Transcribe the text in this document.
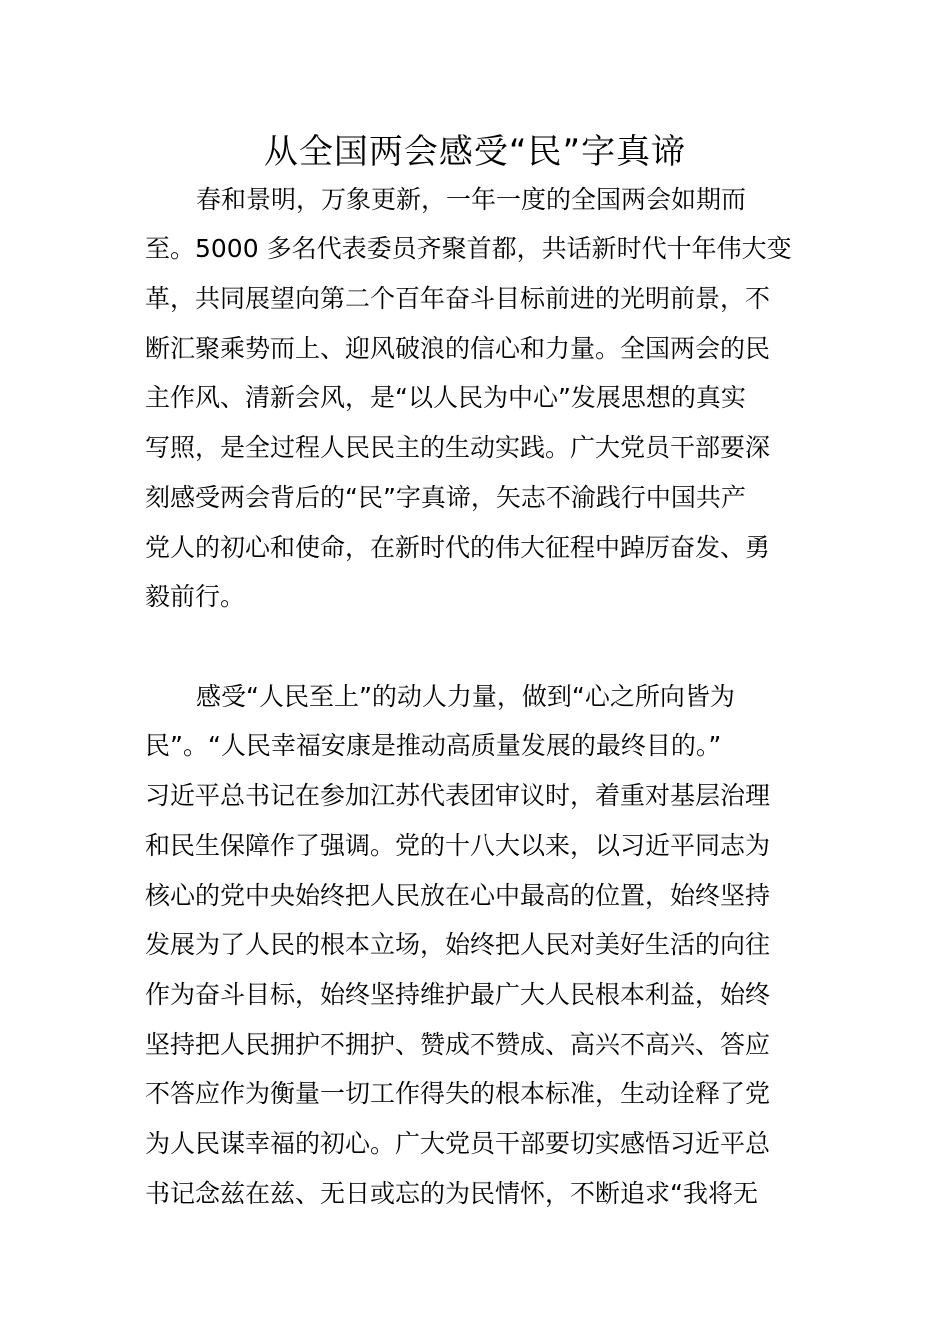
从全国两会感受“民”字真谛

春和景明，万象更新，一年一度的全国两会如期而

至。5000 多名代表委员齐聚首都，共话新时代十年伟大变

革，共同展望向第二个百年奋斗目标前进的光明前景，不

断汇聚乘势而上、迎风破浪的信心和力量。全国两会的民

主作风、清新会风，是“以人民为中心”发展思想的真实

写照，是全过程人民民主的生动实践。广大党员干部要深

刻感受两会背后的“民”字真谛，矢志不渝践行中国共产

党人的初心和使命，在新时代的伟大征程中踔厉奋发、勇

毅前行。

感受“人民至上”的动人力量，做到“心之所向皆为

民”。“人民幸福安康是推动高质量发展的最终目的。”

习近平总书记在参加江苏代表团审议时，着重对基层治理

和民生保障作了强调。党的十八大以来，以习近平同志为

核心的党中央始终把人民放在心中最高的位置，始终坚持

发展为了人民的根本立场，始终把人民对美好生活的向往

作为奋斗目标，始终坚持维护最广大人民根本利益，始终

坚持把人民拥护不拥护、赞成不赞成、高兴不高兴、答应

不答应作为衡量一切工作得失的根本标准，生动诠释了党

为人民谋幸福的初心。广大党员干部要切实感悟习近平总

书记念兹在兹、无日或忘的为民情怀，不断追求“我将无
